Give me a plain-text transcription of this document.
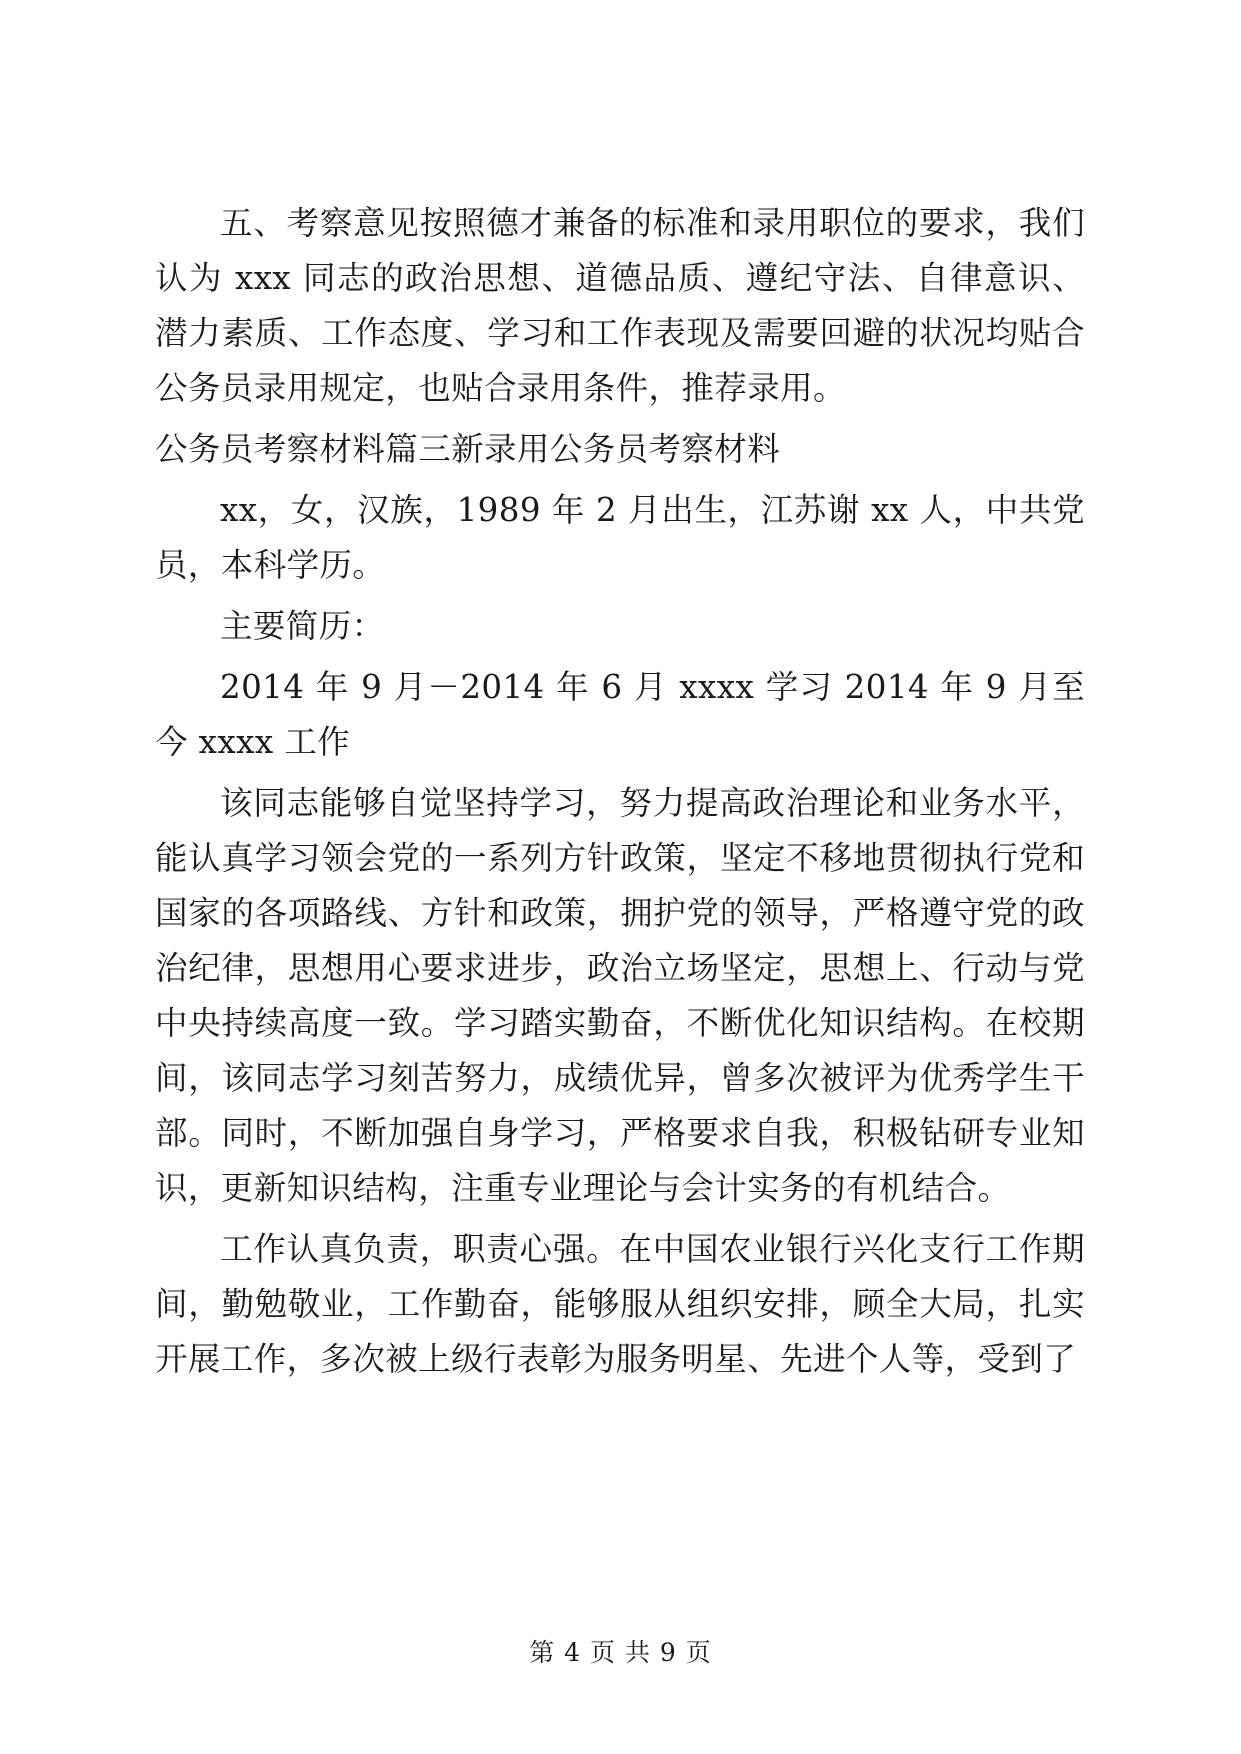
五、考察意见按照德才兼备的标准和录用职位的要求，我们认为 xxx 同志的政治思想、道德品质、遵纪守法、自律意识、潜力素质、工作态度、学习和工作表现及需要回避的状况均贴合公务员录用规定，也贴合录用条件，推荐录用。

公务员考察材料篇三新录用公务员考察材料

xx，女，汉族，1989 年 2 月出生，江苏谢 xx 人，中共党员，本科学历。

主要简历：

2014 年 9 月－2014 年 6 月 xxxx 学习 2014 年 9 月至今 xxxx 工作

该同志能够自觉坚持学习，努力提高政治理论和业务水平，能认真学习领会党的一系列方针政策，坚定不移地贯彻执行党和国家的各项路线、方针和政策，拥护党的领导，严格遵守党的政治纪律，思想用心要求进步，政治立场坚定，思想上、行动与党中央持续高度一致。学习踏实勤奋，不断优化知识结构。在校期间，该同志学习刻苦努力，成绩优异，曾多次被评为优秀学生干部。同时，不断加强自身学习，严格要求自我，积极钻研专业知识，更新知识结构，注重专业理论与会计实务的有机结合。

工作认真负责，职责心强。在中国农业银行兴化支行工作期间，勤勉敬业，工作勤奋，能够服从组织安排，顾全大局，扎实开展工作，多次被上级行表彰为服务明星、先进个人等，受到了

第 4 页 共 9 页
